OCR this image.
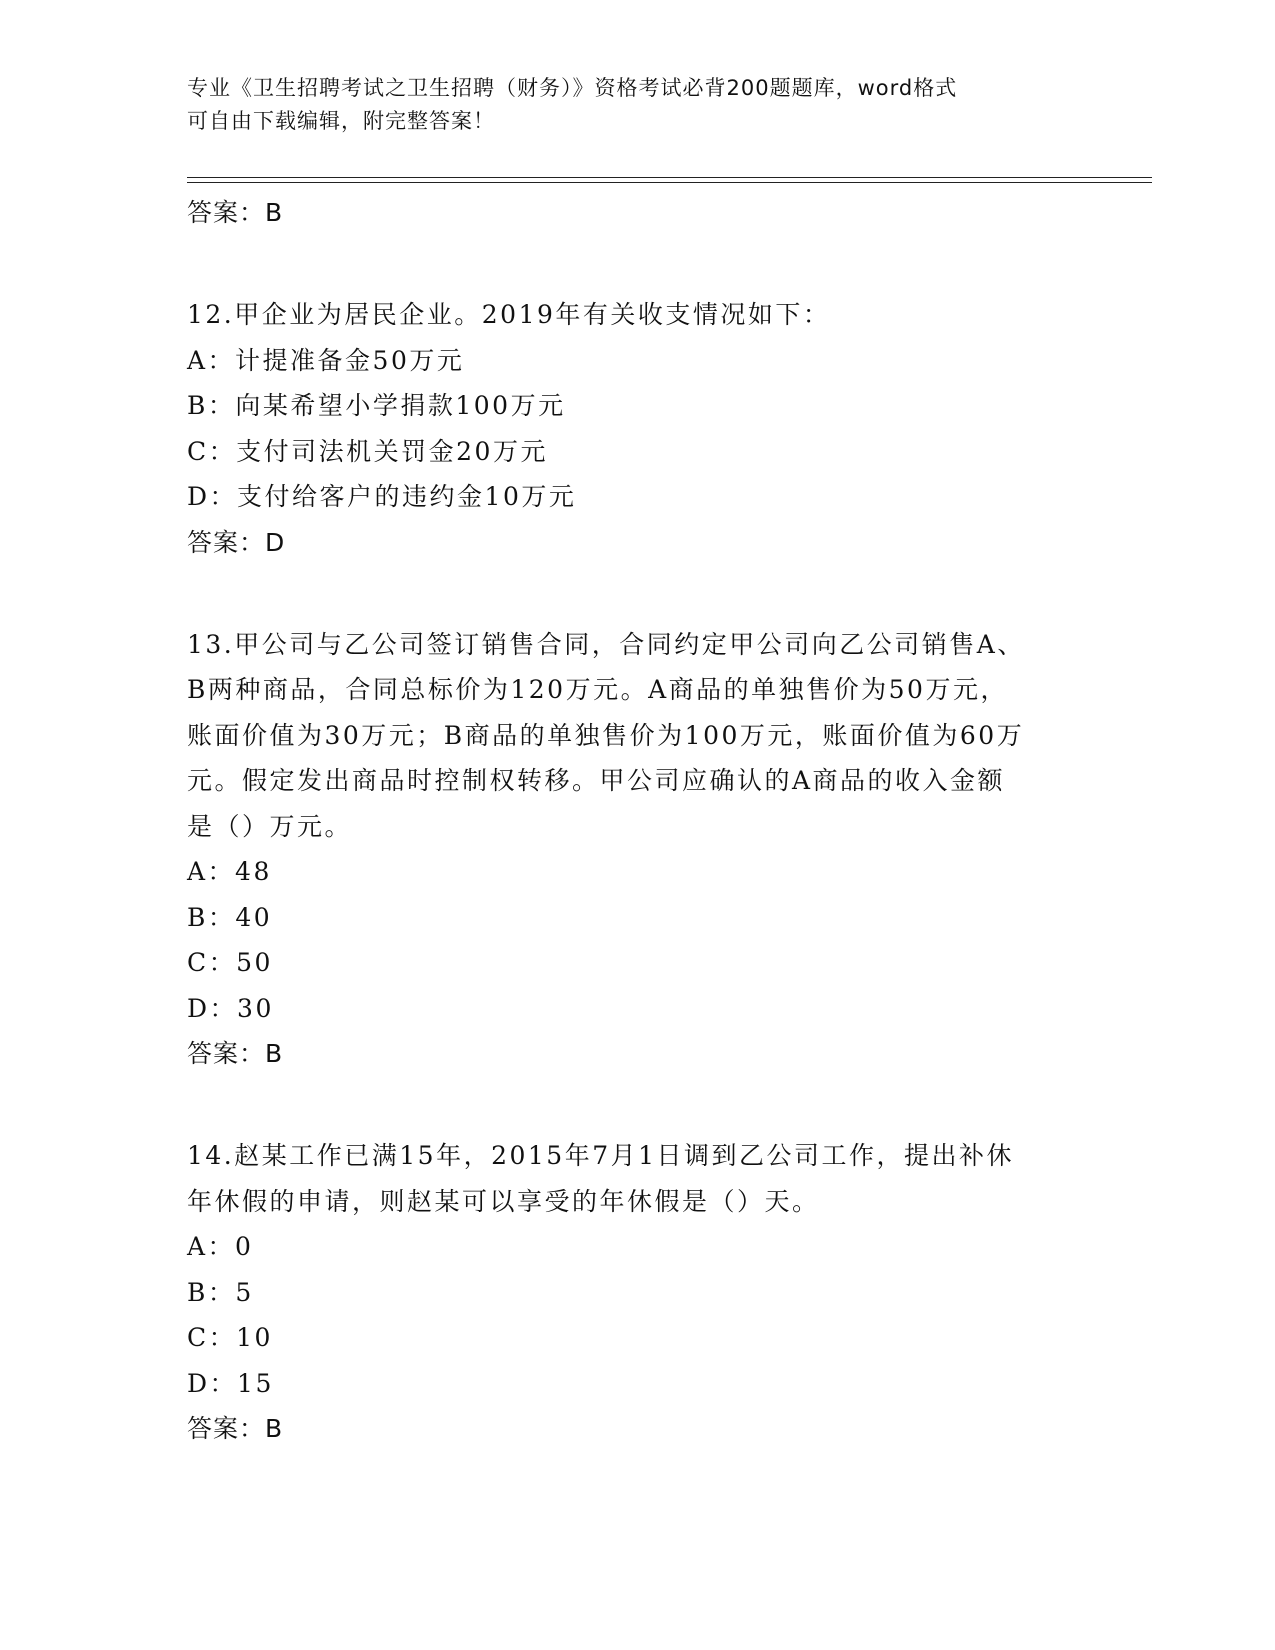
专业《卫生招聘考试之卫生招聘（财务）》资格考试必背200题题库，word格式
可自由下载编辑，附完整答案！
答案：B
12.甲企业为居民企业。2019年有关收支情况如下：
A：计提准备金50万元
B：向某希望小学捐款100万元
C：支付司法机关罚金20万元
D：支付给客户的违约金10万元
答案：D
13.甲公司与乙公司签订销售合同，合同约定甲公司向乙公司销售A、
B两种商品，合同总标价为120万元。A商品的单独售价为50万元，
账面价值为30万元；B商品的单独售价为100万元，账面价值为60万
元。假定发出商品时控制权转移。甲公司应确认的A商品的收入金额
是（）万元。
A：48
B：40
C：50
D：30
答案：B
14.赵某工作已满15年，2015年7月1日调到乙公司工作，提出补休
年休假的申请，则赵某可以享受的年休假是（）天。
A：0
B：5
C：10
D：15
答案：B
